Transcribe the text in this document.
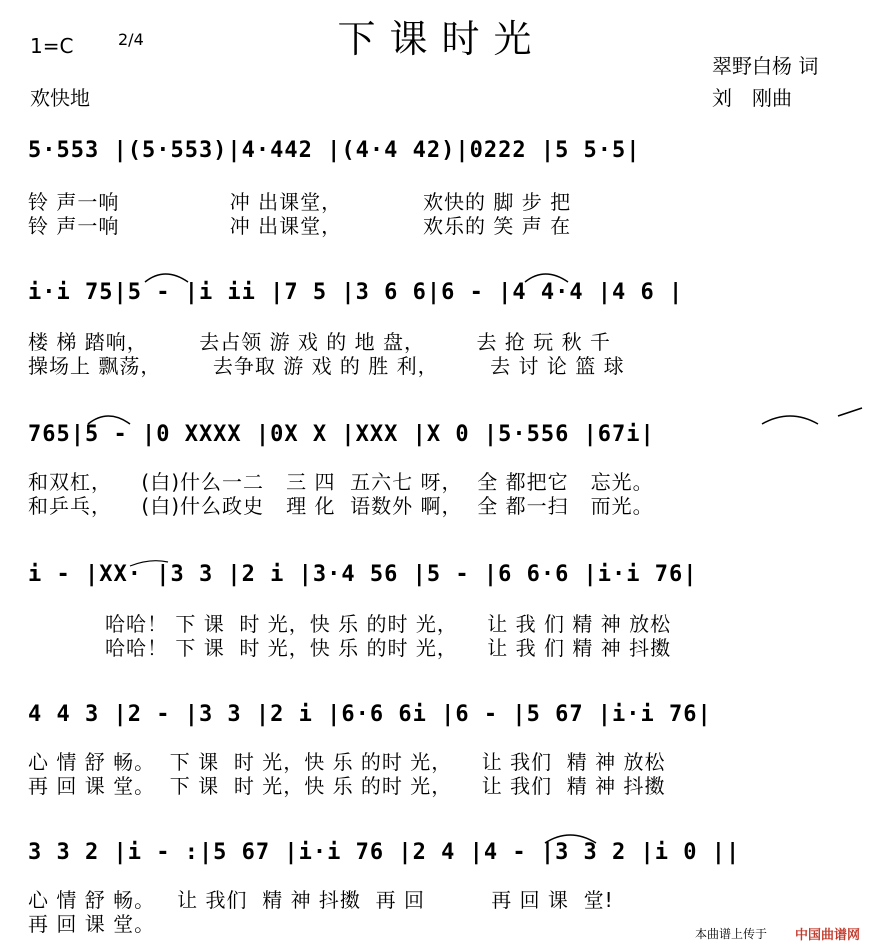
下课时光
1=C	2/4
欢快地
翠野白杨 词
刘　刚曲
5·553 |(5·553)|4·442 |(4·4 42)|0222 |5 5·5|
铃 声一响               冲 出课堂，           欢快的 脚 步 把
铃 声一响               冲 出课堂，           欢乐的 笑 声 在
i·i 75|5 - |i ii |7 5 |3 6 6|6 - |4 4·4 |4 6 |
楼 梯 踏响，       去占领 游 戏 的 地 盘，       去 抢 玩 秋 千
操场上 飘荡，       去争取 游 戏 的 胜 利，       去 讨 论 篮 球
765|5 - |0 XXXX |0X X |XXX |X 0 |5·556 |67i|
和双杠，    (白)什么一二   三 四  五六七 呀，  全 都把它   忘光。
和乒乓，    (白)什么政史   理 化  语数外 啊，  全 都一扫   而光。
i - |XX· |3 3 |2 i |3·4 56 |5 - |6 6·6 |i·i 76|
哈哈！ 下 课  时 光，快 乐 的时 光，    让 我 们 精 神 放松
哈哈！ 下 课  时 光，快 乐 的时 光，    让 我 们 精 神 抖擞
4 4 3 |2 - |3 3 |2 i |6·6 6i |6 - |5 67 |i·i 76|
心 情 舒 畅。  下 课  时 光，快 乐 的时 光，    让 我们  精 神 放松
再 回 课 堂。  下 课  时 光，快 乐 的时 光，    让 我们  精 神 抖擞
3 3 2 |i - :|5 67 |i·i 76 |2 4 |4 - |3 3 2 |i 0 ||
心 情 舒 畅。   让 我们  精 神 抖擞  再 回         再 回 课  堂!
再 回 课 堂。	本曲谱上传于 中国曲谱网
